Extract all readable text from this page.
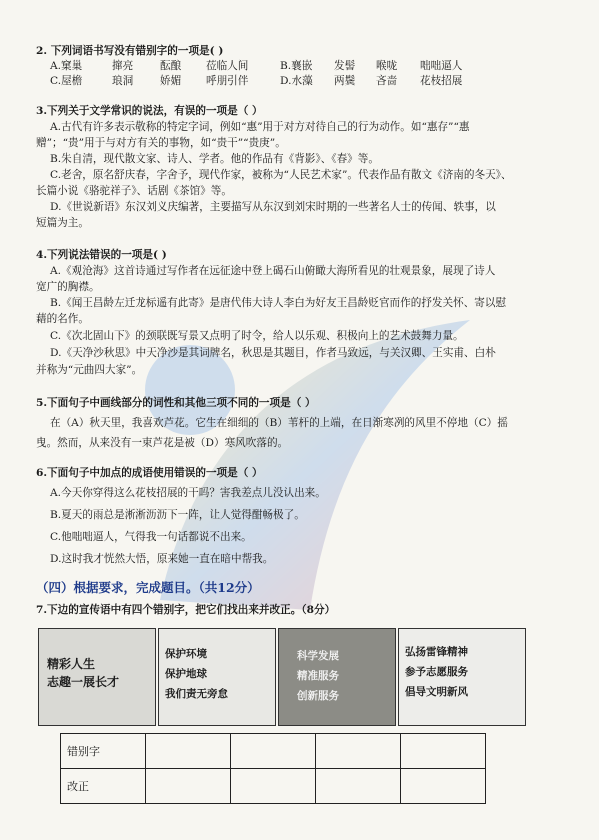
2. 下列词语书写没有错别字的一项是( )
A.窠巢	撺亮	酝酿	莅临人间	B.襄嵌	发髻	喉咙	咄咄逼人
C.屋檐	琅洞	娇媚	呼朋引伴	D.水藻	两鬓	吝啬	花枝招展
3.下列关于文学常识的说法，有误的一项是（ ）
A.古代有许多表示敬称的特定字词，例如“惠”用于对方对待自己的行为动作。如“惠存”“惠
赠”；“贵”用于与对方有关的事物，如“贵干”“贵庚”。
B.朱自清，现代散文家、诗人、学者。他的作品有《背影》、《春》等。
C.老舍，原名舒庆春，字舍予，现代作家，被称为“人民艺术家”。代表作品有散文《济南的冬天》、
长篇小说《骆驼祥子》、话剧《茶馆》等。
D.《世说新语》东汉刘义庆编著，主要描写从东汉到刘宋时期的一些著名人士的传闻、轶事，以
短篇为主。
4.下列说法错误的一项是( )
A.《观沧海》这首诗通过写作者在远征途中登上碣石山俯瞰大海所看见的壮观景象，展现了诗人
宽广的胸襟。
B.《闻王昌龄左迁龙标遥有此寄》是唐代伟大诗人李白为好友王昌龄贬官而作的抒发关怀、寄以慰
藉的名作。
C.《次北固山下》的颈联既写景又点明了时令，给人以乐观、积极向上的艺术鼓舞力量。
D.《天净沙秋思》中天净沙是其词牌名，秋思是其题目，作者马致远，与关汉卿、王实甫、白朴
并称为“元曲四大家”。
5.下面句子中画线部分的词性和其他三项不同的一项是（ ）
在（A）秋天里，我喜欢芦花。它生在细细的（B）苇杆的上端，在日渐寒冽的风里不停地（C）摇
曳。然而，从来没有一束芦花是被（D）寒风吹落的。
6.下面句子中加点的成语使用错误的一项是（ ）
A.今天你穿得这么花枝招展的干吗？害我差点儿没认出来。
B.夏天的雨总是淅淅沥沥下一阵，让人觉得酣畅极了。
C.他咄咄逼人，气得我一句话都说不出来。
D.这时我才恍然大悟，原来她一直在暗中帮我。
（四）根据要求，完成题目。（共12分）
7.下边的宣传语中有四个错别字，把它们找出来并改正。（8分）
精彩人生
志趣一展长才
保护环境
保护地球
我们责无旁怠
科学发展
精准服务
创新服务
弘扬雷锋精神
参予志愿服务
倡导文明新风
错别字				
改正				
